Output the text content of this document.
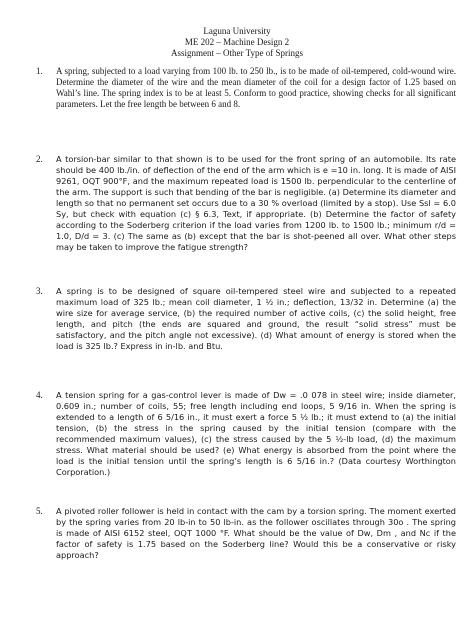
Laguna University
ME 202 – Machine Design 2
Assignment – Other Type of Springs
1.	A spring, subjected to a load varying from 100 lb. to 250 lb., is to be made of oil-tempered, cold-wound wire. Determine the diameter of the wire and the mean diameter of the coil for a design factor of 1.25 based on Wahl’s line. The spring index is to be at least 5. Conform to good practice, showing checks for all significant parameters. Let the free length be between 6 and 8.
2.	A torsion-bar similar to that shown is to be used for the front spring of an automobile. Its rate should be 400 lb./in. of deflection of the end of the arm which is e =10 in. long. It is made of AISI 9261, OQT 900°F, and the maximum repeated load is 1500 lb. perpendicular to the centerline of the arm. The support is such that bending of the bar is negligible. (a) Determine its diameter and length so that no permanent set occurs due to a 30 % overload (limited by a stop). Use Ssl = 6.0 Sy, but check with equation (c) § 6.3, Text, if appropriate. (b) Determine the factor of safety according to the Soderberg criterion if the load varies from 1200 lb. to 1500 lb.; minimum r/d = 1.0, D/d = 3. (c) The same as (b) except that the bar is shot-peened all over. What other steps may be taken to improve the fatigue strength?
3.	A spring is to be designed of square oil-tempered steel wire and subjected to a repeated maximum load of 325 lb.; mean coil diameter, 1 ½ in.; deflection, 13/32 in. Determine (a) the wire size for average service, (b) the required number of active coils, (c) the solid height, free length, and pitch (the ends are squared and ground, the result “solid stress” must be satisfactory, and the pitch angle not excessive). (d) What amount of energy is stored when the load is 325 lb.? Express in in-lb. and Btu.
4.	A tension spring for a gas-control lever is made of Dw = .0 078 in steel wire; inside diameter, 0.609 in.; number of coils, 55; free length including end loops, 5 9/16 in. When the spring is extended to a length of 6 5/16 in., it must exert a force 5 ½ lb.; it must extend to (a) the initial tension, (b) the stress in the spring caused by the initial tension (compare with the recommended maximum values), (c) the stress caused by the 5 ½-lb load, (d) the maximum stress. What material should be used? (e) What energy is absorbed from the point where the load is the initial tension until the spring’s length is 6 5/16 in.? (Data courtesy Worthington Corporation.)
5.	A pivoted roller follower is held in contact with the cam by a torsion spring. The moment exerted by the spring varies from 20 lb-in to 50 lb-in. as the follower oscillates through 30o . The spring is made of AISI 6152 steel, OQT 1000 °F. What should be the value of Dw, Dm , and Nc if the factor of safety is 1.75 based on the Soderberg line? Would this be a conservative or risky approach?
